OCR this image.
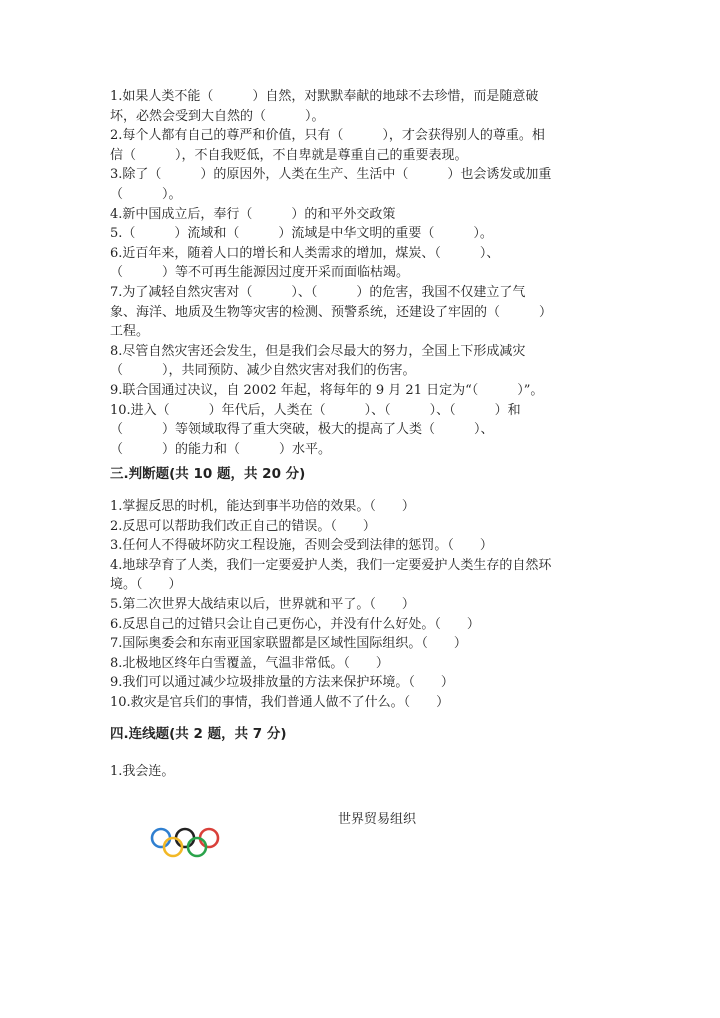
1.如果人类不能（　　　）自然，对默默奉献的地球不去珍惜，而是随意破
坏，必然会受到大自然的（　　　）。
2.每个人都有自己的尊严和价值，只有（　　　），才会获得别人的尊重。相
信（　　　），不自我贬低，不自卑就是尊重自己的重要表现。
3.除了（　　　）的原因外，人类在生产、生活中（　　　）也会诱发或加重
（　　　）。
4.新中国成立后，奉行（　　　）的和平外交政策
5.（　　　）流域和（　　　）流域是中华文明的重要（　　　）。
6.近百年来，随着人口的增长和人类需求的增加，煤炭、（　　　）、
（　　　）等不可再生能源因过度开采而面临枯竭。
7.为了减轻自然灾害对（　　　）、（　　　）的危害，我国不仅建立了气
象、海洋、地质及生物等灾害的检测、预警系统，还建设了牢固的（　　　）
工程。
8.尽管自然灾害还会发生，但是我们会尽最大的努力，全国上下形成减灾
（　　　），共同预防、减少自然灾害对我们的伤害。
9.联合国通过决议，自 2002 年起，将每年的 9 月 21 日定为“（　　　）”。
10.进入（　　　）年代后，人类在（　　　）、（　　　）、（　　　）和
（　　　）等领域取得了重大突破，极大的提高了人类（　　　）、
（　　　）的能力和（　　　）水平。
三.判断题(共 10 题，共 20 分)
1.掌握反思的时机，能达到事半功倍的效果。（　　）
2.反思可以帮助我们改正自己的错误。（　　）
3.任何人不得破坏防灾工程设施，否则会受到法律的惩罚。（　　）
4.地球孕育了人类，我们一定要爱护人类，我们一定要爱护人类生存的自然环
境。（　　）
5.第二次世界大战结束以后，世界就和平了。（　　）
6.反思自己的过错只会让自己更伤心，并没有什么好处。（　　）
7.国际奥委会和东南亚国家联盟都是区域性国际组织。（　　）
8.北极地区终年白雪覆盖，气温非常低。（　　）
9.我们可以通过减少垃圾排放量的方法来保护环境。（　　）
10.救灾是官兵们的事情，我们普通人做不了什么。（　　）
四.连线题(共 2 题，共 7 分)
1.我会连。
世界贸易组织
